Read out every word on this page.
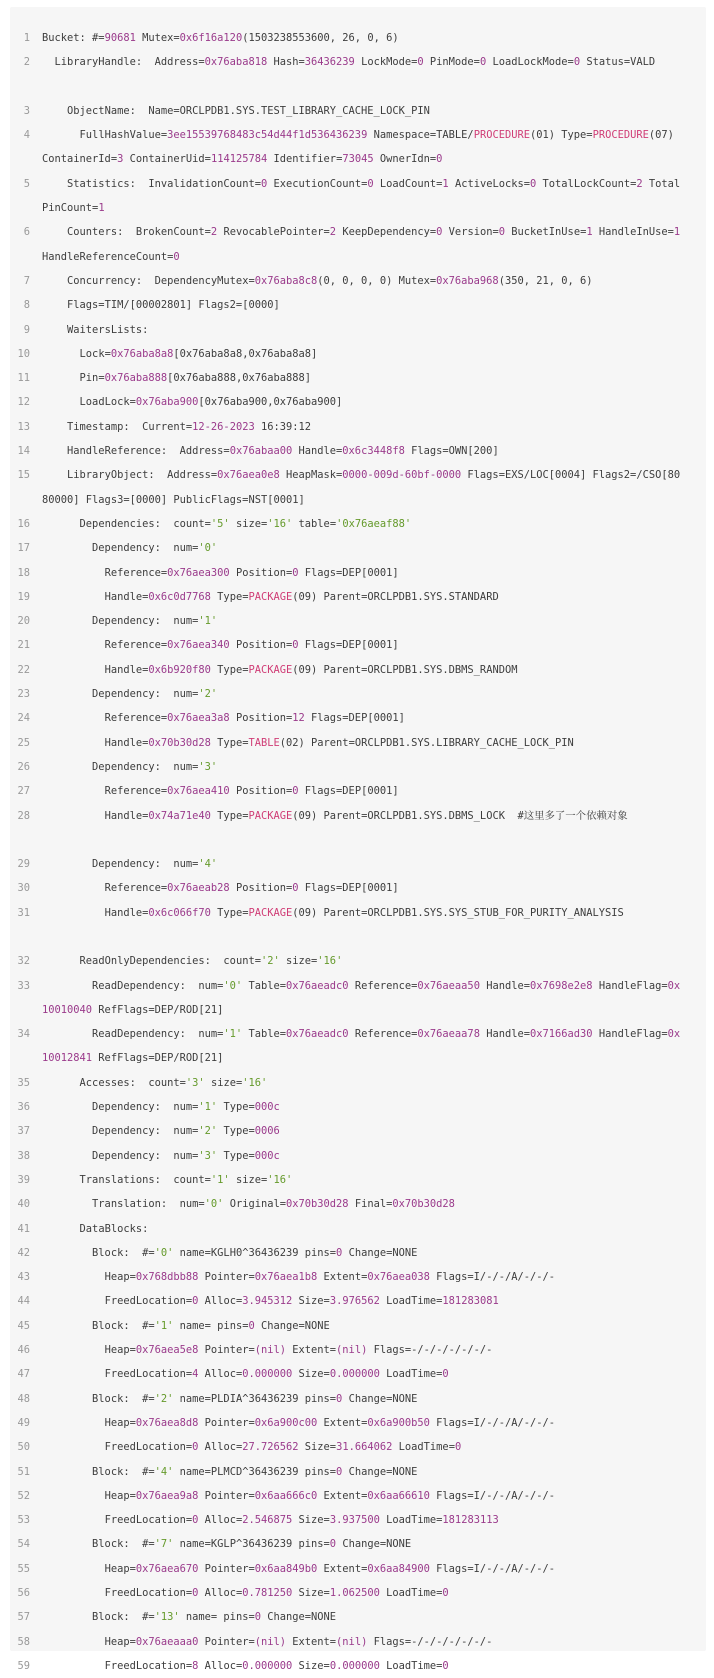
1	Bucket: #=90681 Mutex=0x6f16a120(1503238553600, 26, 0, 6)
2	LibraryHandle:  Address=0x76aba818 Hash=36436239 LockMode=0 PinMode=0 LoadLockMode=0 Status=VALD
3	ObjectName:  Name=ORCLPDB1.SYS.TEST_LIBRARY_CACHE_LOCK_PIN
4	FullHashValue=3ee15539768483c54d44f1d536436239 Namespace=TABLE/PROCEDURE(01) Type=PROCEDURE(07) ContainerId=3 ContainerUid=114125784 Identifier=73045 OwnerIdn=0
5	Statistics:  InvalidationCount=0 ExecutionCount=0 LoadCount=1 ActiveLocks=0 TotalLockCount=2 TotalPinCount=1
6	Counters:  BrokenCount=2 RevocablePointer=2 KeepDependency=0 Version=0 BucketInUse=1 HandleInUse=1 HandleReferenceCount=0
7	Concurrency:  DependencyMutex=0x76aba8c8(0, 0, 0, 0) Mutex=0x76aba968(350, 21, 0, 6)
8	Flags=TIM/[00002801] Flags2=[0000]
9	WaitersLists:
10	Lock=0x76aba8a8[0x76aba8a8,0x76aba8a8]
11	Pin=0x76aba888[0x76aba888,0x76aba888]
12	LoadLock=0x76aba900[0x76aba900,0x76aba900]
13	Timestamp:  Current=12-26-2023 16:39:12
14	HandleReference:  Address=0x76abaa00 Handle=0x6c3448f8 Flags=OWN[200]
15	LibraryObject:  Address=0x76aea0e8 HeapMask=0000-009d-60bf-0000 Flags=EXS/LOC[0004] Flags2=/CSO[8080000] Flags3=[0000] PublicFlags=NST[0001]
16	Dependencies:  count='5' size='16' table='0x76aeaf88'
17	Dependency:  num='0'
18	Reference=0x76aea300 Position=0 Flags=DEP[0001]
19	Handle=0x6c0d7768 Type=PACKAGE(09) Parent=ORCLPDB1.SYS.STANDARD
20	Dependency:  num='1'
21	Reference=0x76aea340 Position=0 Flags=DEP[0001]
22	Handle=0x6b920f80 Type=PACKAGE(09) Parent=ORCLPDB1.SYS.DBMS_RANDOM
23	Dependency:  num='2'
24	Reference=0x76aea3a8 Position=12 Flags=DEP[0001]
25	Handle=0x70b30d28 Type=TABLE(02) Parent=ORCLPDB1.SYS.LIBRARY_CACHE_LOCK_PIN
26	Dependency:  num='3'
27	Reference=0x76aea410 Position=0 Flags=DEP[0001]
28	Handle=0x74a71e40 Type=PACKAGE(09) Parent=ORCLPDB1.SYS.DBMS_LOCK  #这里多了一个依赖对象
29	Dependency:  num='4'
30	Reference=0x76aeab28 Position=0 Flags=DEP[0001]
31	Handle=0x6c066f70 Type=PACKAGE(09) Parent=ORCLPDB1.SYS.SYS_STUB_FOR_PURITY_ANALYSIS
32	ReadOnlyDependencies:  count='2' size='16'
33	ReadDependency:  num='0' Table=0x76aeadc0 Reference=0x76aeaa50 Handle=0x7698e2e8 HandleFlag=0x10010040 RefFlags=DEP/ROD[21]
34	ReadDependency:  num='1' Table=0x76aeadc0 Reference=0x76aeaa78 Handle=0x7166ad30 HandleFlag=0x10012841 RefFlags=DEP/ROD[21]
35	Accesses:  count='3' size='16'
36	Dependency:  num='1' Type=000c
37	Dependency:  num='2' Type=0006
38	Dependency:  num='3' Type=000c
39	Translations:  count='1' size='16'
40	Translation:  num='0' Original=0x70b30d28 Final=0x70b30d28
41	DataBlocks:
42	Block:  #='0' name=KGLH0^36436239 pins=0 Change=NONE
43	Heap=0x768dbb88 Pointer=0x76aea1b8 Extent=0x76aea038 Flags=I/-/-/A/-/-/-
44	FreedLocation=0 Alloc=3.945312 Size=3.976562 LoadTime=181283081
45	Block:  #='1' name= pins=0 Change=NONE
46	Heap=0x76aea5e8 Pointer=(nil) Extent=(nil) Flags=-/-/-/-/-/-/-
47	FreedLocation=4 Alloc=0.000000 Size=0.000000 LoadTime=0
48	Block:  #='2' name=PLDIA^36436239 pins=0 Change=NONE
49	Heap=0x76aea8d8 Pointer=0x6a900c00 Extent=0x6a900b50 Flags=I/-/-/A/-/-/-
50	FreedLocation=0 Alloc=27.726562 Size=31.664062 LoadTime=0
51	Block:  #='4' name=PLMCD^36436239 pins=0 Change=NONE
52	Heap=0x76aea9a8 Pointer=0x6aa666c0 Extent=0x6aa66610 Flags=I/-/-/A/-/-/-
53	FreedLocation=0 Alloc=2.546875 Size=3.937500 LoadTime=181283113
54	Block:  #='7' name=KGLP^36436239 pins=0 Change=NONE
55	Heap=0x76aea670 Pointer=0x6aa849b0 Extent=0x6aa84900 Flags=I/-/-/A/-/-/-
56	FreedLocation=0 Alloc=0.781250 Size=1.062500 LoadTime=0
57	Block:  #='13' name= pins=0 Change=NONE
58	Heap=0x76aeaaa0 Pointer=(nil) Extent=(nil) Flags=-/-/-/-/-/-/-
59	FreedLocation=8 Alloc=0.000000 Size=0.000000 LoadTime=0
